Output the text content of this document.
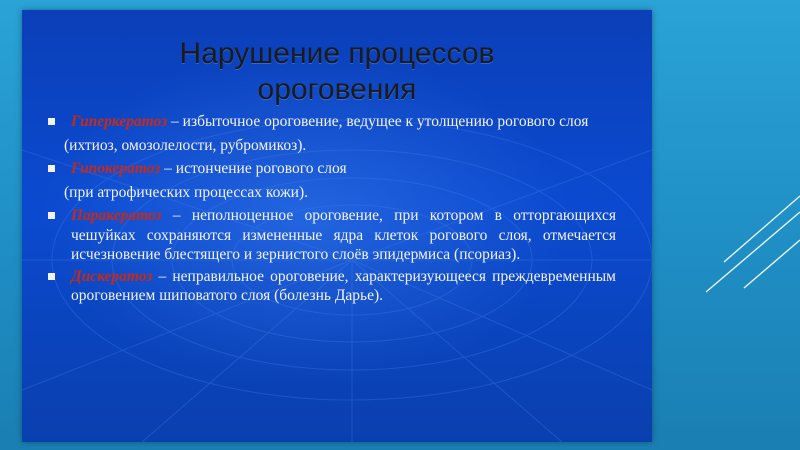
Нарушение процессов
ороговения
Гиперкератоз – избыточное ороговение, ведущее к утолщению рогового слоя
(ихтиоз, омозолелости, рубромикоз).
Гипокератоз – истончение рогового слоя
(при атрофических процессах кожи).
Паракератоз – неполноценное ороговение, при котором в отторгающихся чешуйках сохраняются измененные ядра клеток рогового слоя, отмечается исчезновение блестящего и зернистого слоёв эпидермиса (псориаз).
Дискератоз – неправильное ороговение, характеризующееся преждевременным ороговением шиповатого слоя (болезнь Дарье).
